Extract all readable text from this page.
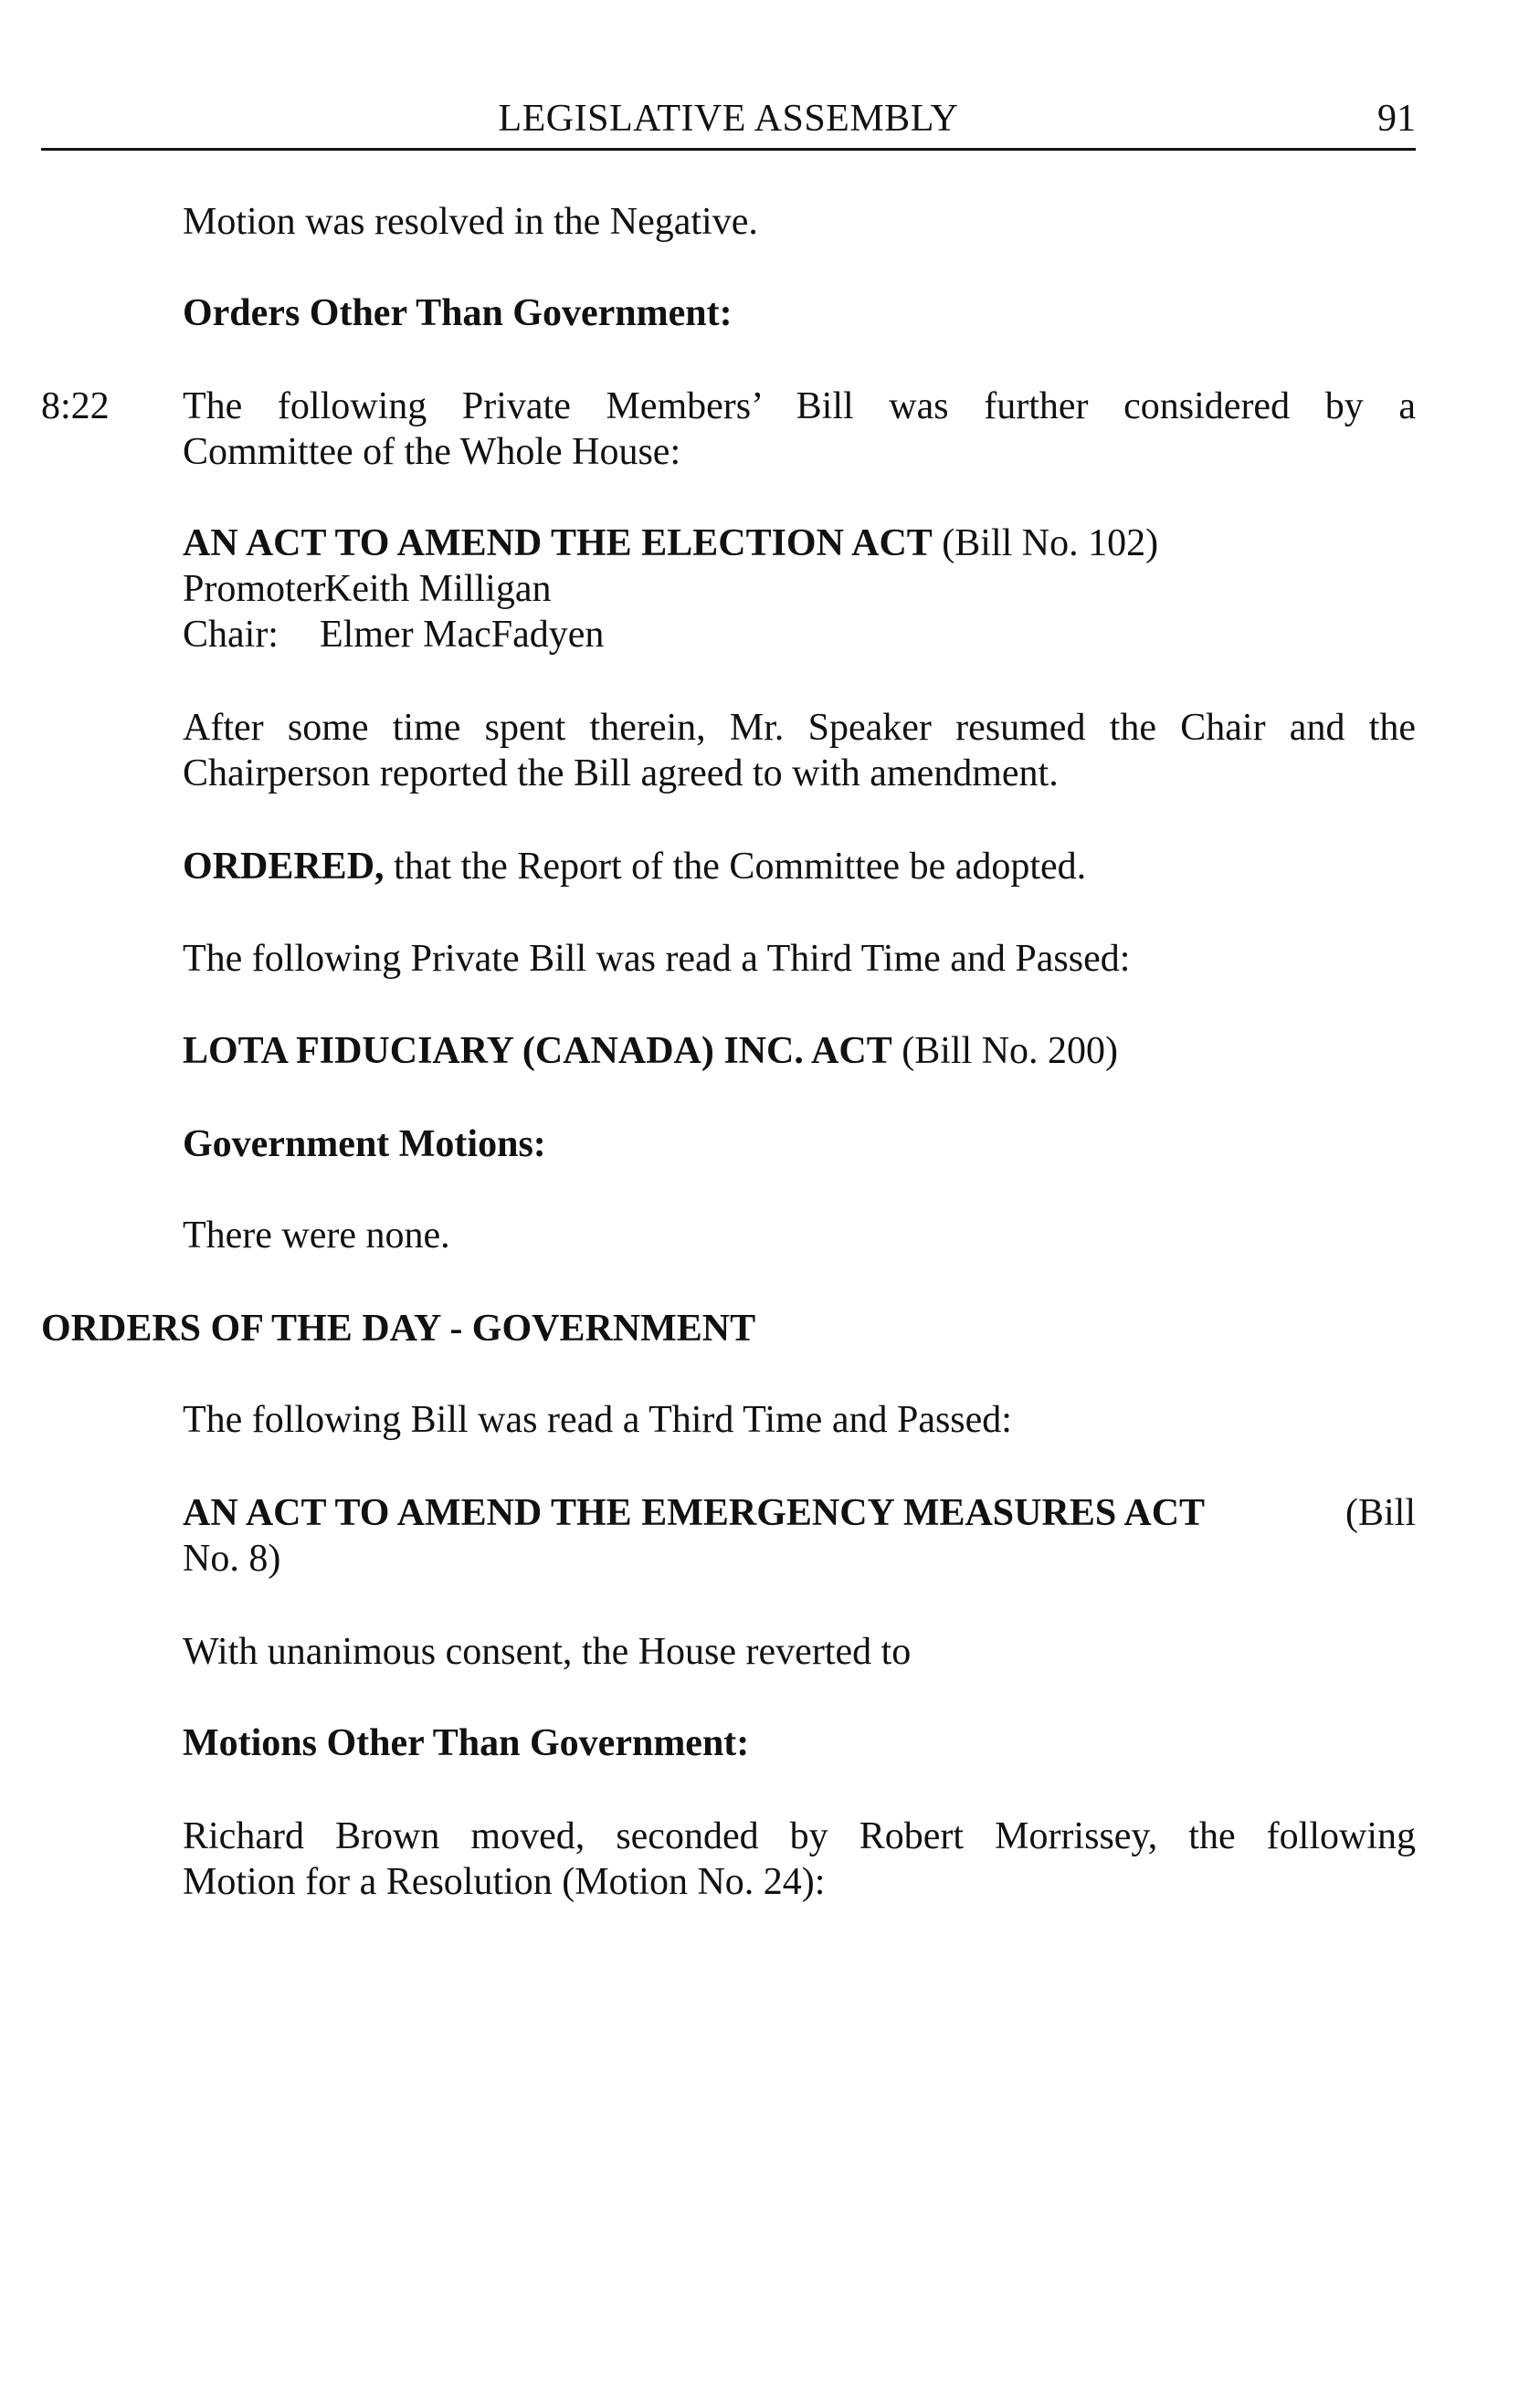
LEGISLATIVE ASSEMBLY	91
Motion was resolved in the Negative.
Orders Other Than Government:
8:22 The following Private Members’ Bill was further considered by a
Committee of the Whole House:
AN ACT TO AMEND THE ELECTION ACT (Bill No. 102)
Promoter:Keith Milligan
Chair: Elmer MacFadyen
After some time spent therein, Mr. Speaker resumed the Chair and the
Chairperson reported the Bill agreed to with amendment.
ORDERED, that the Report of the Committee be adopted.
The following Private Bill was read a Third Time and Passed:
LOTA FIDUCIARY (CANADA) INC. ACT (Bill No. 200)
Government Motions:
There were none.
ORDERS OF THE DAY - GOVERNMENT
The following Bill was read a Third Time and Passed:
AN ACT TO AMEND THE EMERGENCY MEASURES ACT	(Bill
No. 8)
With unanimous consent, the House reverted to
Motions Other Than Government:
Richard Brown moved, seconded by Robert Morrissey, the following
Motion for a Resolution (Motion No. 24):
